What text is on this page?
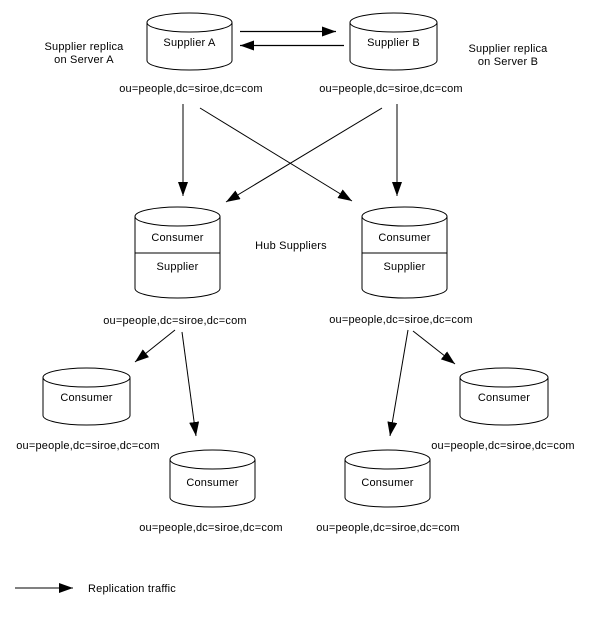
Supplier A
Supplier replica
on Server A
ou=people,dc=siroe,dc=com
Supplier B	Supplier replica
on Server B
ou=people,dc=siroe,dc=com
Consumer
Supplier
ou=people,dc=siroe,dc=com
Hub Suppliers
Consumer
Supplier
ou=people,dc=siroe,dc=com
Consumer
ou=people,dc=siroe,dc=com
Consumer
ou=people,dc=siroe,dc=com
Consumer
ou=people,dc=siroe,dc=com
Consumer
ou=people,dc=siroe,dc=com
Replication traffic
